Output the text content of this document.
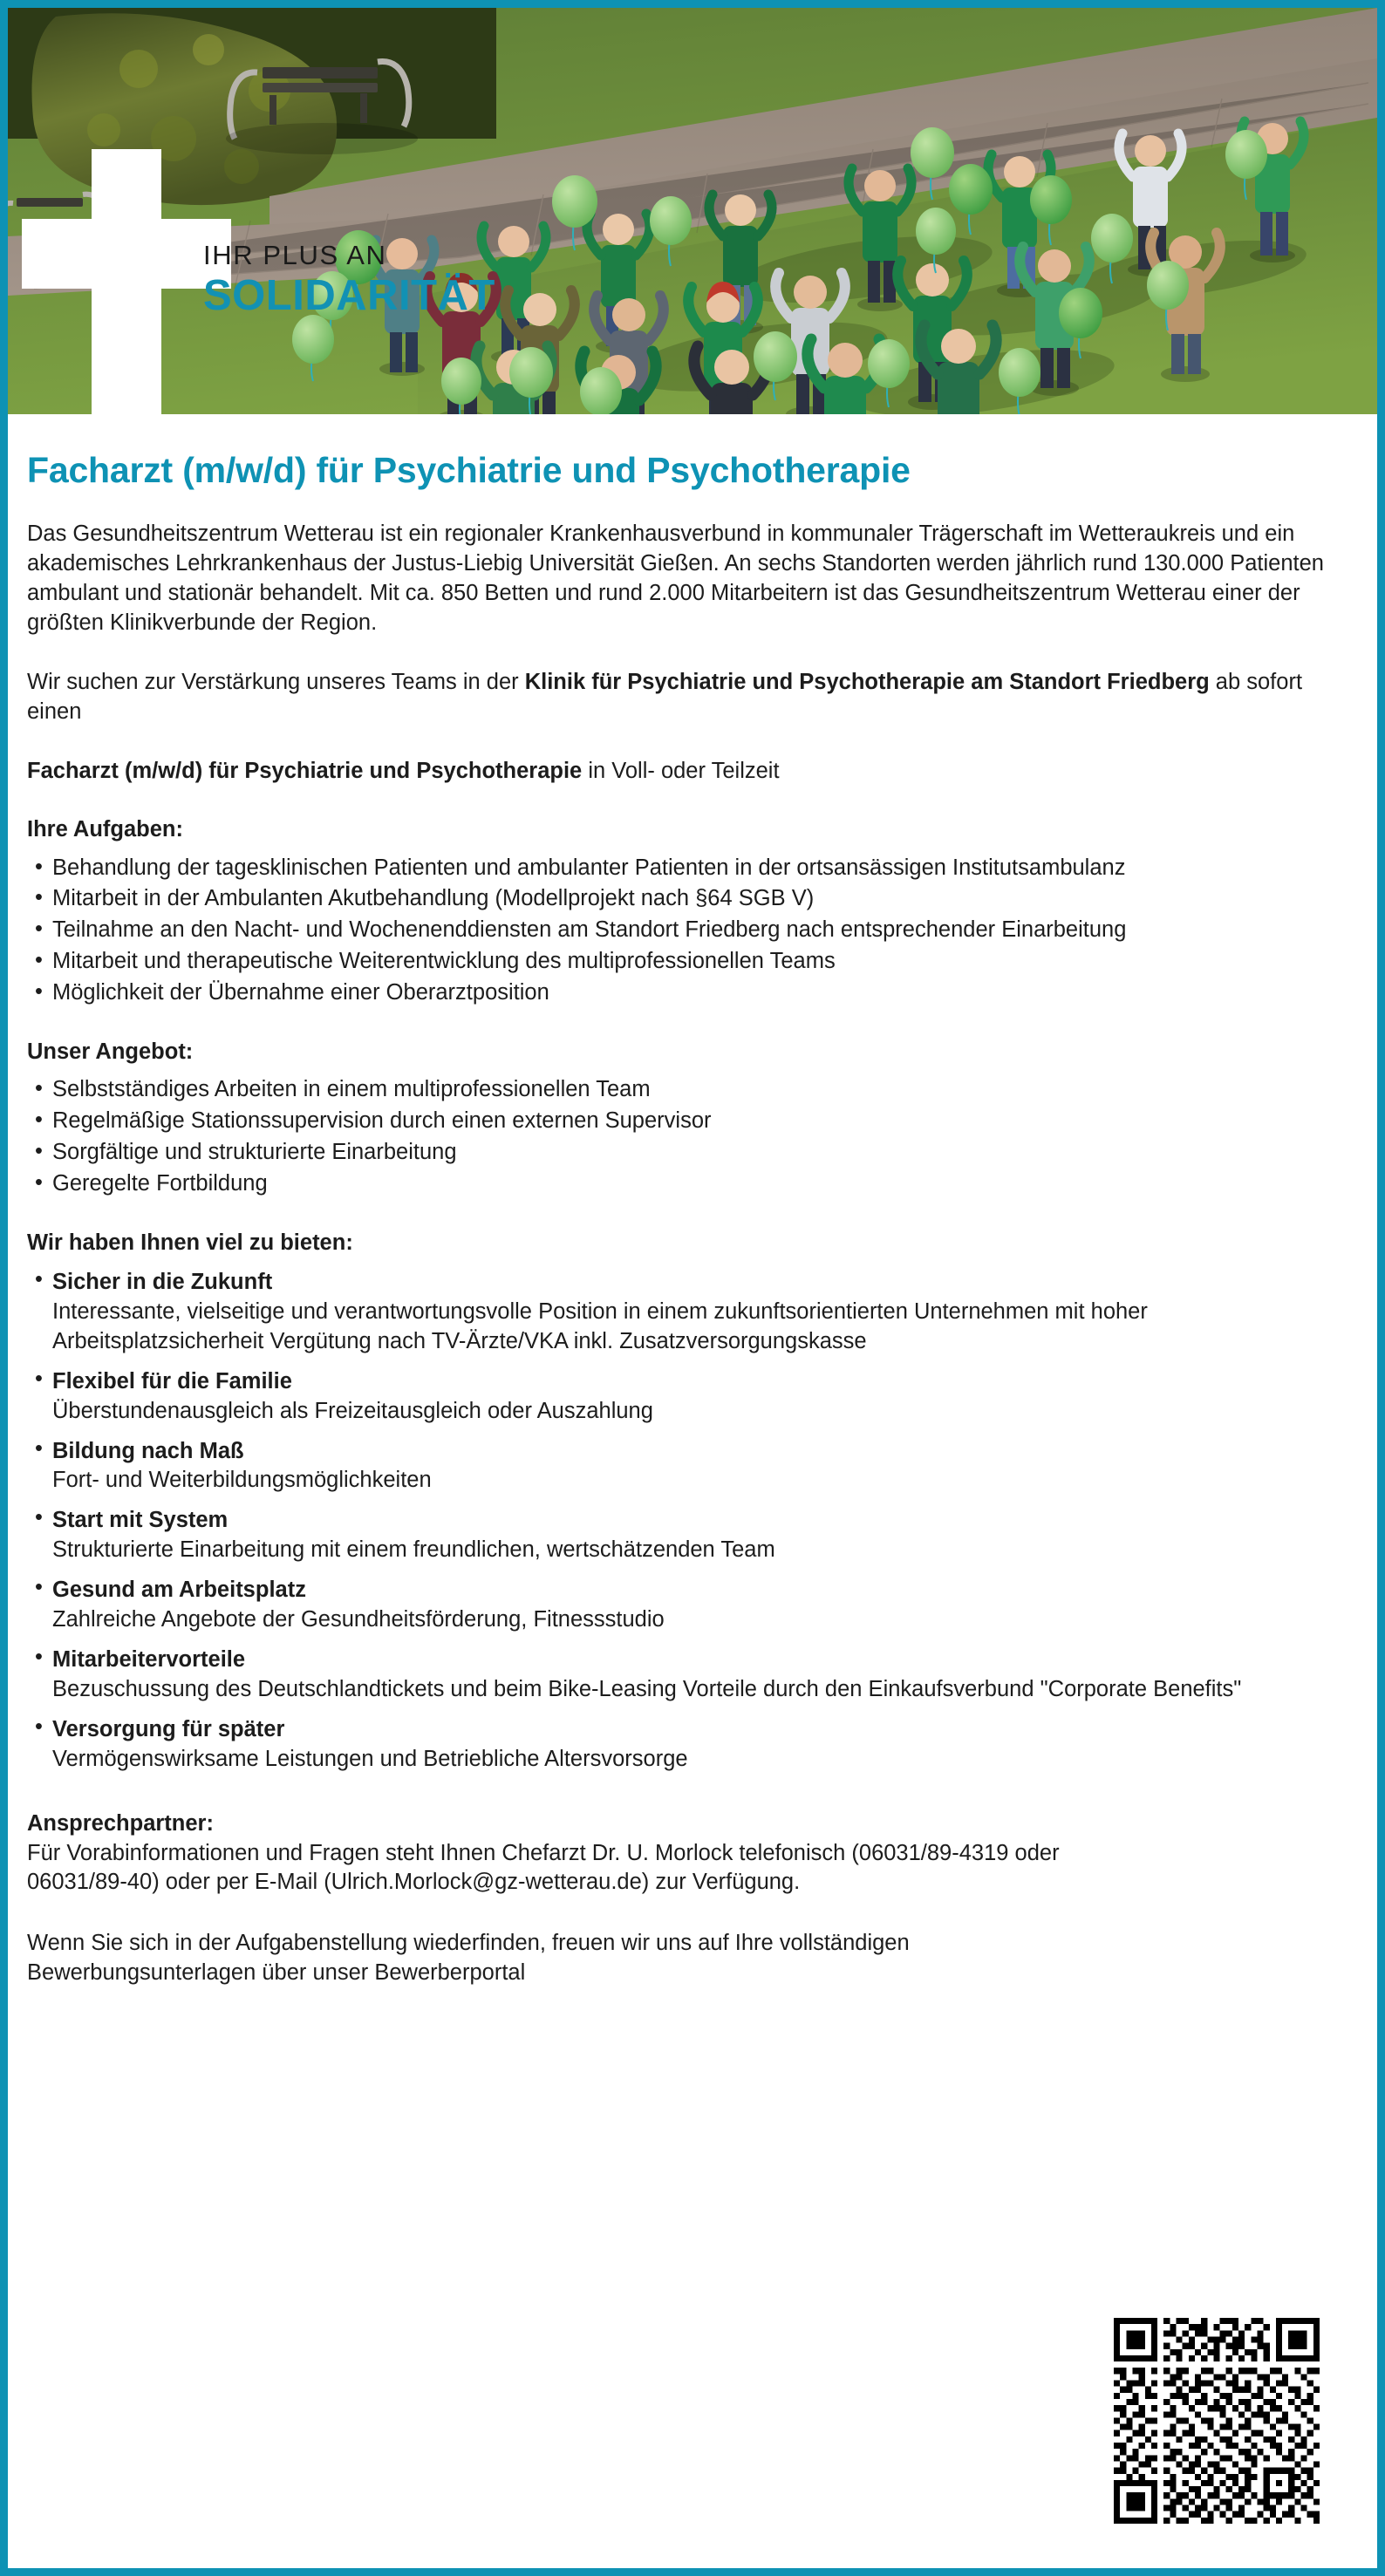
IHR PLUS AN
SOLIDARITÄT
Facharzt (m/w/d) für Psychiatrie und Psychotherapie

Das Gesundheitszentrum Wetterau ist ein regionaler Krankenhausverbund in kommunaler Trägerschaft im Wetteraukreis und ein akademisches Lehrkrankenhaus der Justus-Liebig Universität Gießen. An sechs Standorten werden jährlich rund 130.000 Patienten ambulant und stationär behandelt. Mit ca. 850 Betten und rund 2.000 Mitarbeitern ist das Gesundheitszentrum Wetterau einer der größten Klinikverbunde der Region.

Wir suchen zur Verstärkung unseres Teams in der Klinik für Psychiatrie und Psychotherapie am Standort Friedberg ab sofort einen

Facharzt (m/w/d) für Psychiatrie und Psychotherapie in Voll- oder Teilzeit

Ihre Aufgaben:
• Behandlung der tagesklinischen Patienten und ambulanter Patienten in der ortsansässigen Institutsambulanz
• Mitarbeit in der Ambulanten Akutbehandlung (Modellprojekt nach §64 SGB V)
• Teilnahme an den Nacht- und Wochenenddiensten am Standort Friedberg nach entsprechender Einarbeitung
• Mitarbeit und therapeutische Weiterentwicklung des multiprofessionellen Teams
• Möglichkeit der Übernahme einer Oberarztposition
Unser Angebot:
• Selbstständiges Arbeiten in einem multiprofessionellen Team
• Regelmäßige Stationssupervision durch einen externen Supervisor
• Sorgfältige und strukturierte Einarbeitung
• Geregelte Fortbildung
Wir haben Ihnen viel zu bieten:
• Sicher in die Zukunft
Interessante, vielseitige und verantwortungsvolle Position in einem zukunftsorientierten Unternehmen mit hoher Arbeitsplatzsicherheit Vergütung nach TV-Ärzte/VKA inkl. Zusatzversorgungskasse
• Flexibel für die Familie
Überstundenausgleich als Freizeitausgleich oder Auszahlung
• Bildung nach Maß
Fort- und Weiterbildungsmöglichkeiten
• Start mit System
Strukturierte Einarbeitung mit einem freundlichen, wertschätzenden Team
• Gesund am Arbeitsplatz
Zahlreiche Angebote der Gesundheitsförderung, Fitnessstudio
• Mitarbeitervorteile
Bezuschussung des Deutschlandtickets und beim Bike-Leasing Vorteile durch den Einkaufsverbund "Corporate Benefits"
• Versorgung für später
Vermögenswirksame Leistungen und Betriebliche Altersvorsorge
Ansprechpartner:
Für Vorabinformationen und Fragen steht Ihnen Chefarzt Dr. U. Morlock telefonisch (06031/89-4319 oder
06031/89-40) oder per E-Mail (Ulrich.Morlock@gz-wetterau.de) zur Verfügung.

Wenn Sie sich in der Aufgabenstellung wiederfinden, freuen wir uns auf Ihre vollständigen Bewerbungsunterlagen über unser Bewerberportal
